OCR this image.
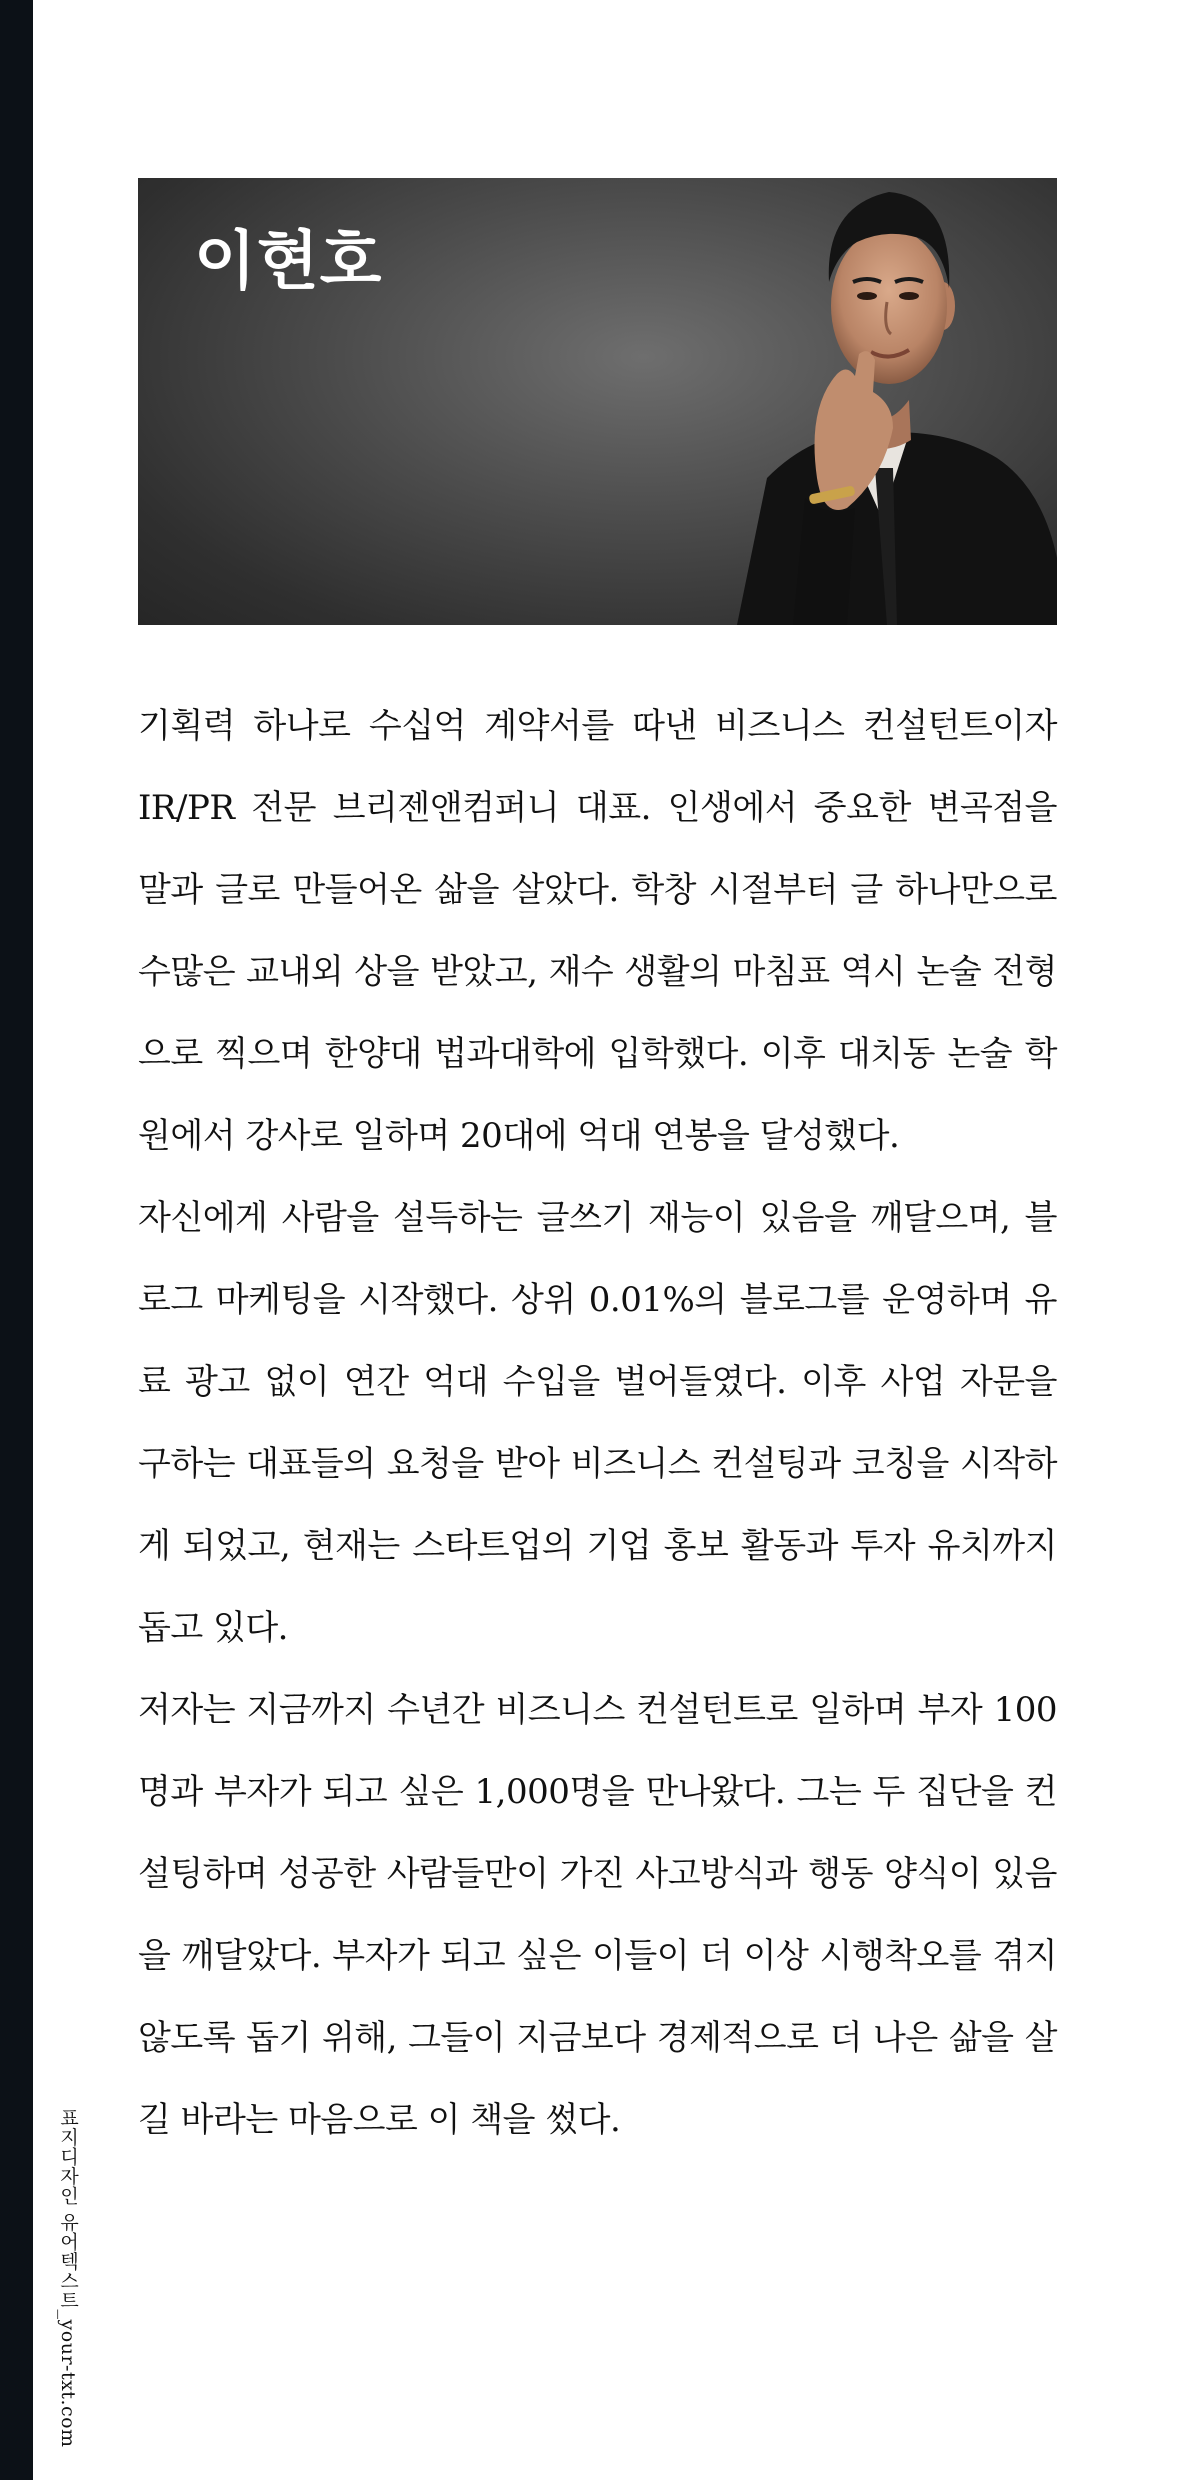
이현호

기획력 하나로 수십억 계약서를 따낸 비즈니스 컨설턴트이자 IR/PR 전문 브리젠앤컴퍼니 대표. 인생에서 중요한 변곡점을 말과 글로 만들어온 삶을 살았다. 학창 시절부터 글 하나만으로 수많은 교내외 상을 받았고, 재수 생활의 마침표 역시 논술 전형으로 찍으며 한양대 법과대학에 입학했다. 이후 대치동 논술 학원에서 강사로 일하며 20대에 억대 연봉을 달성했다.

자신에게 사람을 설득하는 글쓰기 재능이 있음을 깨달으며, 블로그 마케팅을 시작했다. 상위 0.01%의 블로그를 운영하며 유료 광고 없이 연간 억대 수입을 벌어들였다. 이후 사업 자문을 구하는 대표들의 요청을 받아 비즈니스 컨설팅과 코칭을 시작하게 되었고, 현재는 스타트업의 기업 홍보 활동과 투자 유치까지 돕고 있다.

저자는 지금까지 수년간 비즈니스 컨설턴트로 일하며 부자 100명과 부자가 되고 싶은 1,000명을 만나왔다. 그는 두 집단을 컨설팅하며 성공한 사람들만이 가진 사고방식과 행동 양식이 있음을 깨달았다. 부자가 되고 싶은 이들이 더 이상 시행착오를 겪지 않도록 돕기 위해, 그들이 지금보다 경제적으로 더 나은 삶을 살길 바라는 마음으로 이 책을 썼다.

표지디자인 유어텍스트_your-txt.com
